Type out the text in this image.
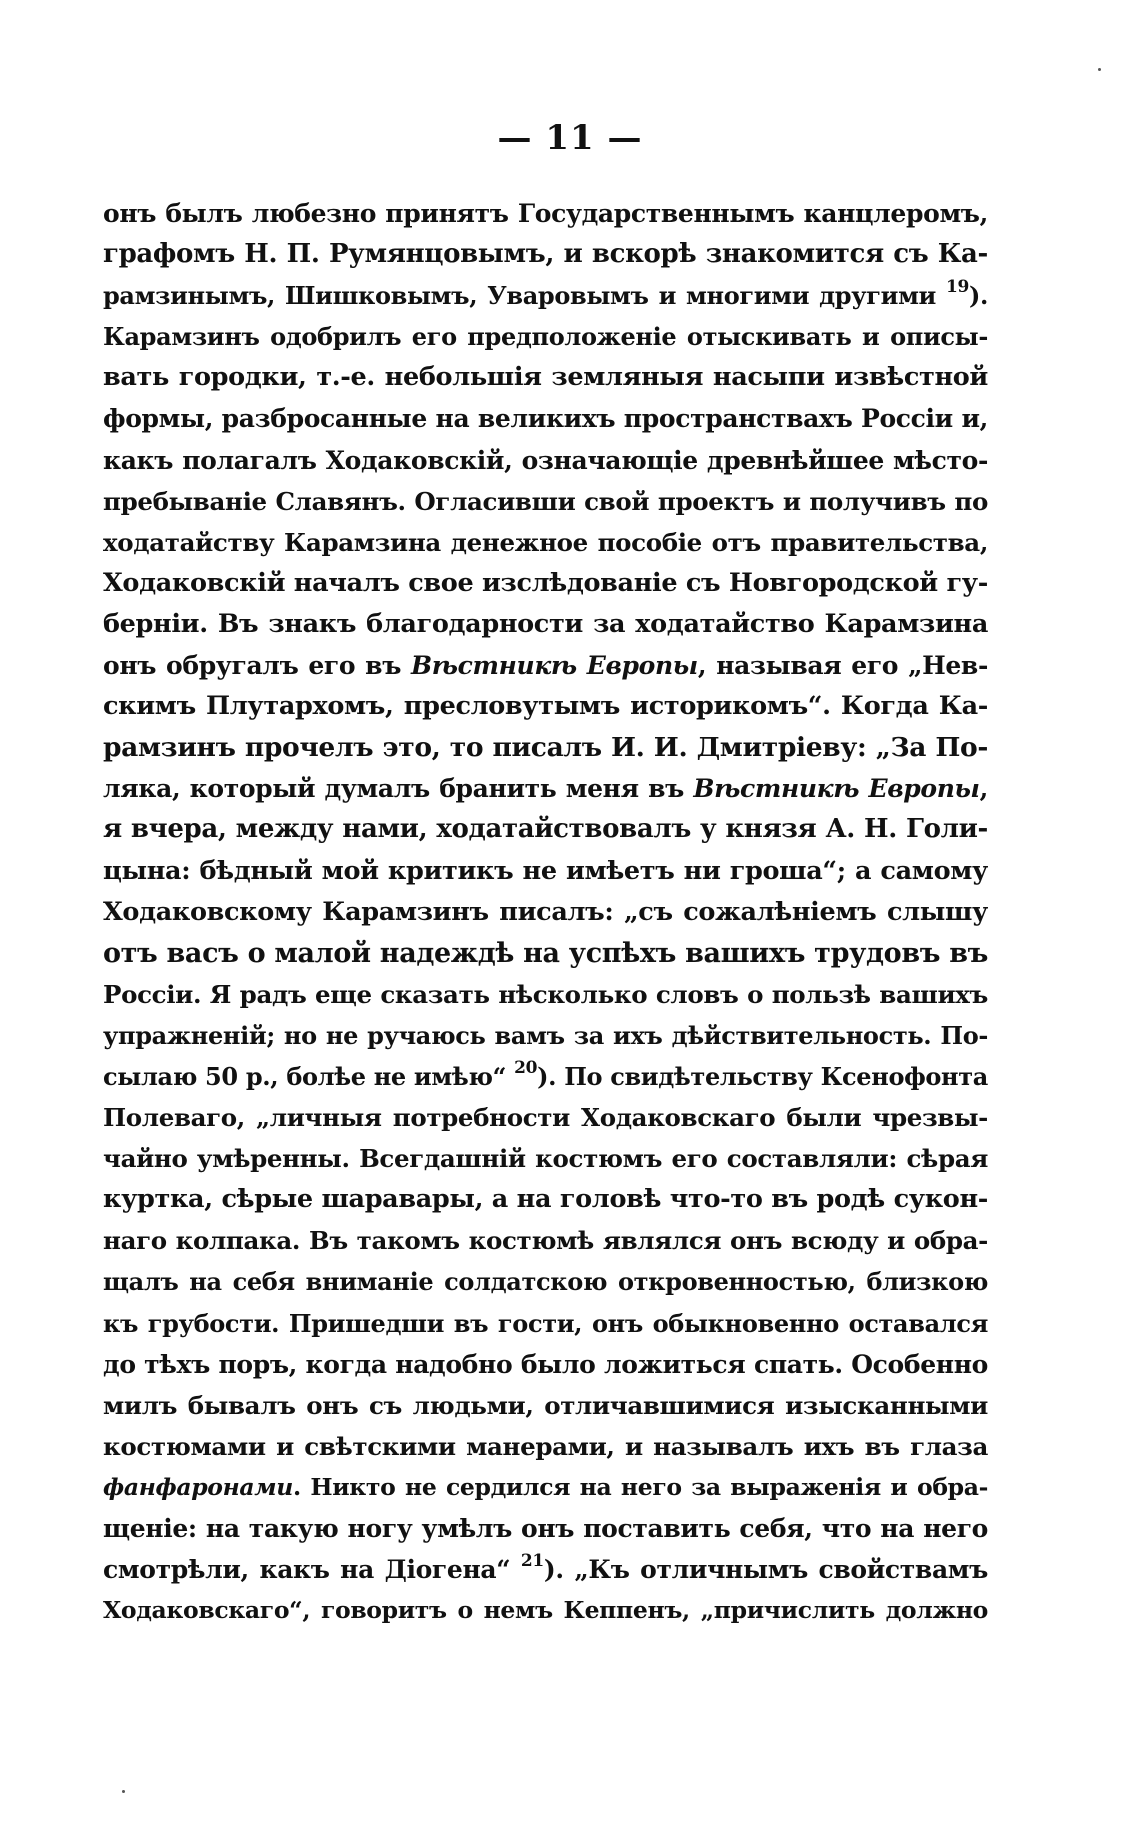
— 11 —
онъ былъ любезно принятъ Государственнымъ канцлеромъ,
графомъ Н. П. Румянцовымъ, и вскорѣ знакомится съ Ка-
рамзинымъ, Шишковымъ, Уваровымъ и многими другими $^{19}$).
Карамзинъ одобрилъ его предположеніе отыскивать и описы-
вать городки, т.-е. небольшія земляныя насыпи извѣстной
формы, разбросанные на великихъ пространствахъ Россіи и,
какъ полагалъ Ходаковскій, означающіе древнѣйшее мѣсто-
пребываніе Славянъ. Огласивши свой проектъ и получивъ по
ходатайству Карамзина денежное пособіе отъ правительства,
Ходаковскій началъ свое изслѣдованіе съ Новгородской гу-
берніи. Въ знакъ благодарности за ходатайство Карамзина
онъ обругалъ его въ Вѣстникѣ Европы, называя его „Нев-
скимъ Плутархомъ, пресловутымъ историкомъ“. Когда Ка-
рамзинъ прочелъ это, то писалъ И. И. Дмитріеву: „За По-
ляка, который думалъ бранить меня въ Вѣстникѣ Европы,
я вчера, между нами, ходатайствовалъ у князя А. Н. Голи-
цына: бѣдный мой критикъ не имѣетъ ни гроша“; а самому
Ходаковскому Карамзинъ писалъ: „съ сожалѣніемъ слышу
отъ васъ о малой надеждѣ на успѣхъ вашихъ трудовъ въ
Россіи. Я радъ еще сказать нѣсколько словъ о пользѣ вашихъ
упражненій; но не ручаюсь вамъ за ихъ дѣйствительность. По-
сылаю 50 р., болѣе не имѣю“ $^{20}$). По свидѣтельству Ксенофонта
Полеваго, „личныя потребности Ходаковскаго были чрезвы-
чайно умѣренны. Всегдашній костюмъ его составляли: сѣрая
куртка, сѣрые шаравары, а на головѣ что-то въ родѣ сукон-
наго колпака. Въ такомъ костюмѣ являлся онъ всюду и обра-
щалъ на себя вниманіе солдатскою откровенностью, близкою
къ грубости. Пришедши въ гости, онъ обыкновенно оставался
до тѣхъ поръ, когда надобно было ложиться спать. Особенно
милъ бывалъ онъ съ людьми, отличавшимися изысканными
костюмами и свѣтскими манерами, и называлъ ихъ въ глаза
фанфаронами. Никто не сердился на него за выраженія и обра-
щеніе: на такую ногу умѣлъ онъ поставить себя, что на него
смотрѣли, какъ на Діогена“ $^{21}$). „Къ отличнымъ свойствамъ
Ходаковскаго“, говоритъ о немъ Кеппенъ, „причислить должно
